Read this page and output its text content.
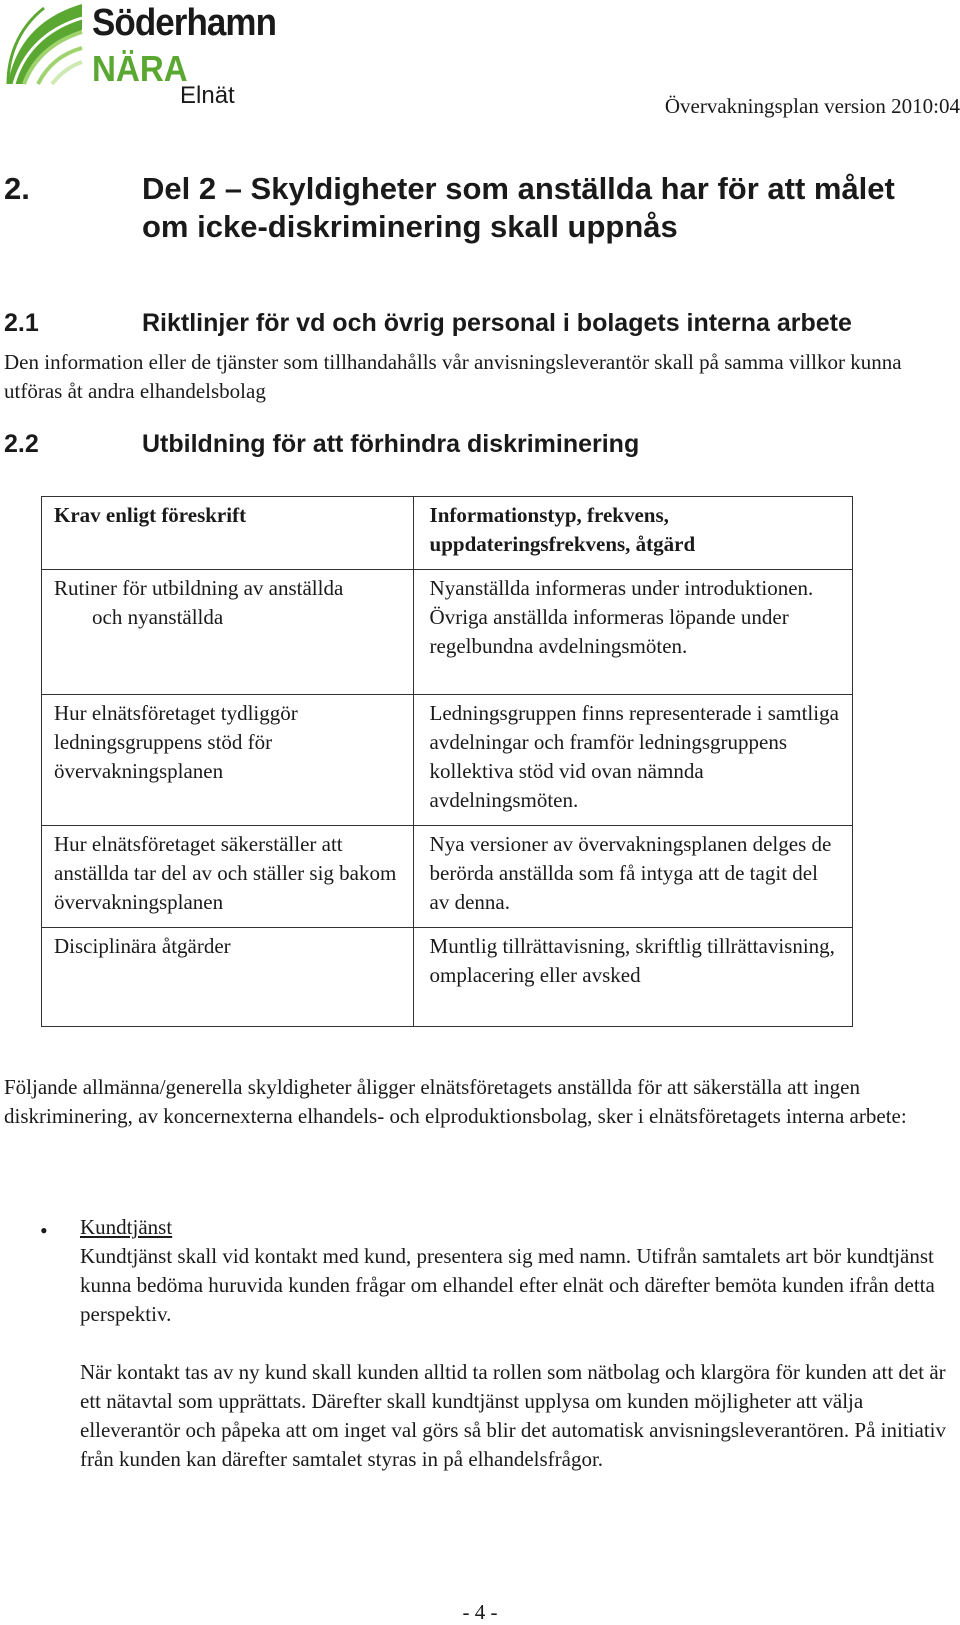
Söderhamn
NÄRA
Elnät	Övervakningsplan version 2010:04
2.	Del 2 – Skyldigheter som anställda har för att målet om icke-diskriminering skall uppnås
2.1	Riktlinjer för vd och övrig personal i bolagets interna arbete
Den information eller de tjänster som tillhandahålls vår anvisningsleverantör skall på samma villkor kunna utföras åt andra elhandelsbolag
2.2	Utbildning för att förhindra diskriminering
Krav enligt föreskrift	Informationstyp, frekvens, uppdateringsfrekvens, åtgärd

Rutiner för utbildning av anställda
och nyanställda	Nyanställda informeras under introduktionen. Övriga anställda informeras löpande under regelbundna avdelningsmöten.
Hur elnätsföretaget tydliggör ledningsgruppens stöd för övervakningsplanen	Ledningsgruppen finns representerade i samtliga avdelningar och framför ledningsgruppens kollektiva stöd vid ovan nämnda avdelningsmöten.
Hur elnätsföretaget säkerställer att anställda tar del av och ställer sig bakom övervakningsplanen	Nya versioner av övervakningsplanen delges de berörda anställda som få intyga att de tagit del av denna.
Disciplinära åtgärder	Muntlig tillrättavisning, skriftlig tillrättavisning, omplacering eller avsked
Följande allmänna/generella skyldigheter åligger elnätsföretagets anställda för att säkerställa att ingen diskriminering, av koncernexterna elhandels- och elproduktionsbolag, sker i elnätsföretagets interna arbete:
• Kundtjänst
Kundtjänst skall vid kontakt med kund, presentera sig med namn. Utifrån samtalets art bör kundtjänst kunna bedöma huruvida kunden frågar om elhandel efter elnät och därefter bemöta kunden ifrån detta perspektiv.
När kontakt tas av ny kund skall kunden alltid ta rollen som nätbolag och klargöra för kunden att det är ett nätavtal som upprättats. Därefter skall kundtjänst upplysa om kunden möjligheter att välja elleverantör och påpeka att om inget val görs så blir det automatisk anvisningsleverantören. På initiativ från kunden kan därefter samtalet styras in på elhandelsfrågor.
- 4 -
